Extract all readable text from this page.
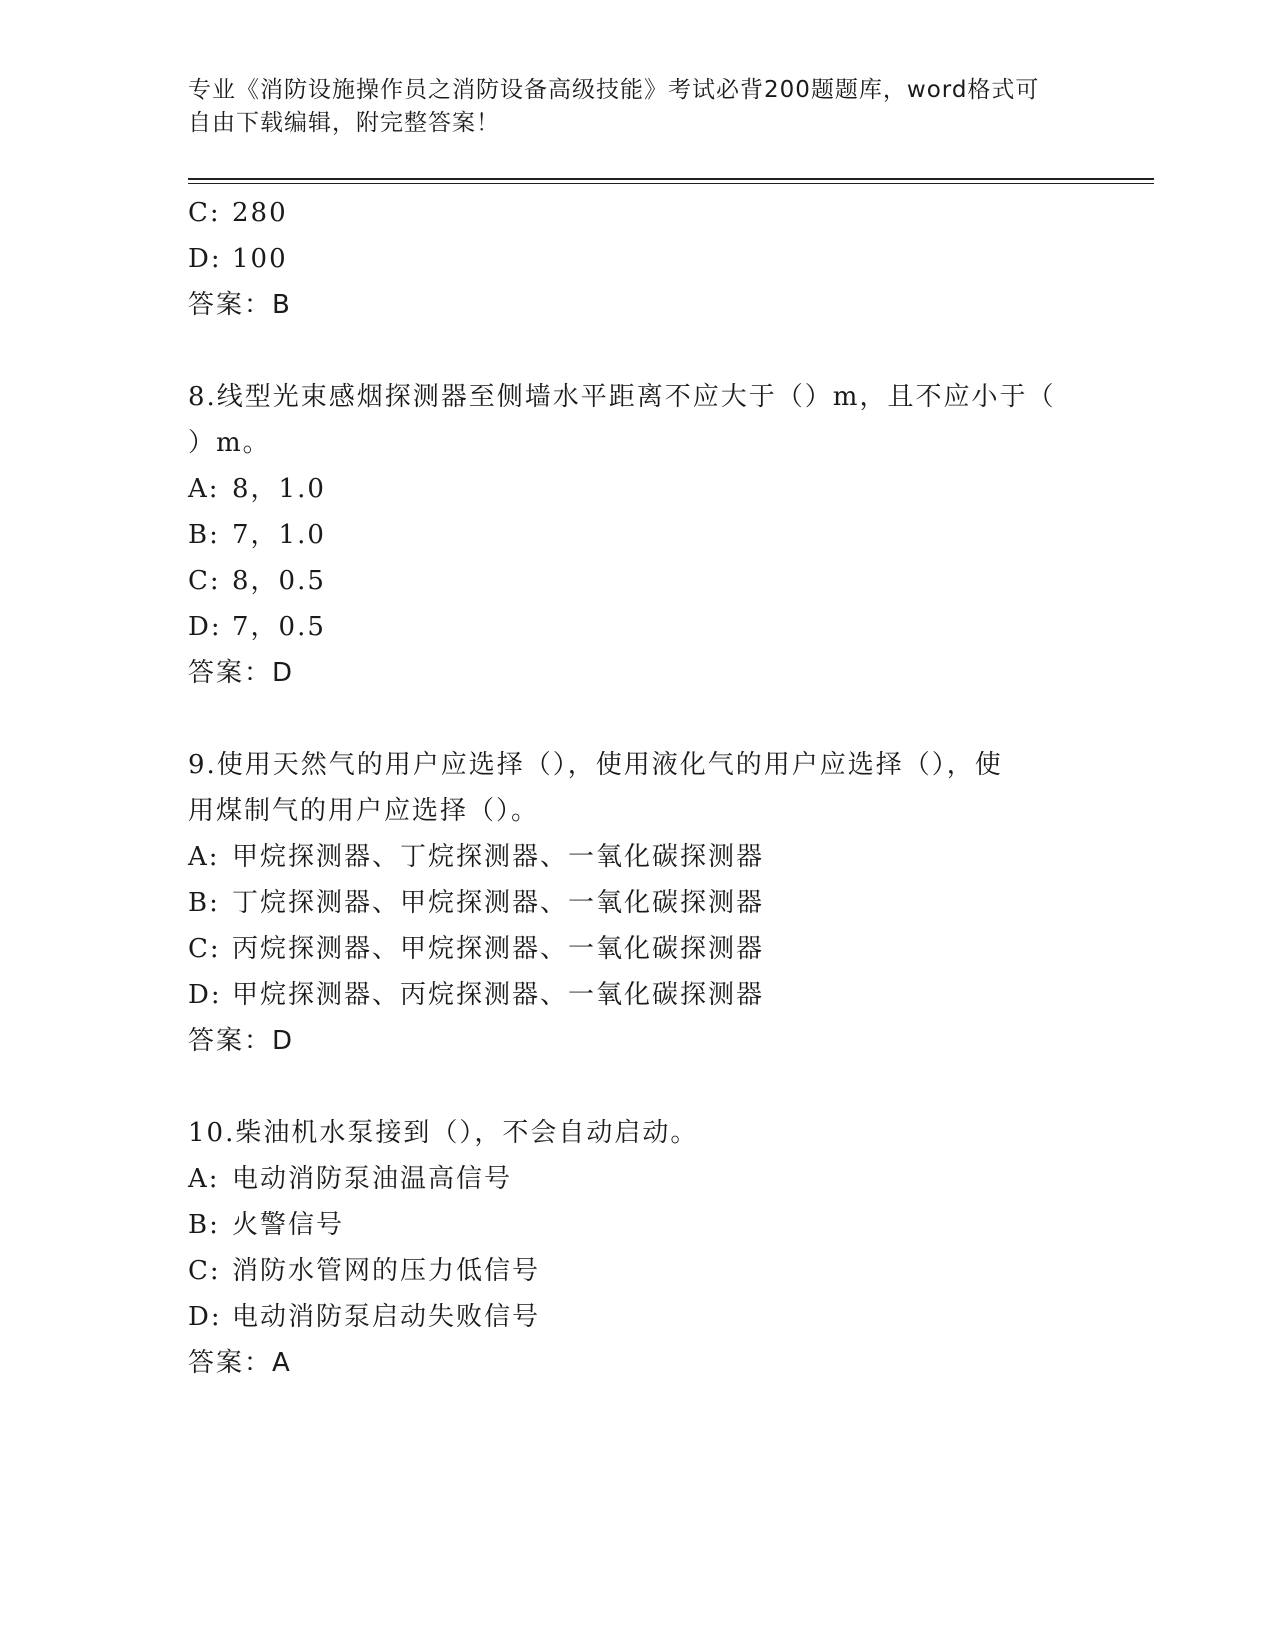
专业《消防设施操作员之消防设备高级技能》考试必背200题题库，word格式可
自由下载编辑，附完整答案！
C: 280
D: 100
答案：B
8.线型光束感烟探测器至侧墙水平距离不应大于（）m，且不应小于（
）m。
A: 8，1.0
B: 7，1.0
C: 8，0.5
D: 7，0.5
答案：D
9.使用天然气的用户应选择（），使用液化气的用户应选择（），使
用煤制气的用户应选择（）。
A: 甲烷探测器、丁烷探测器、一氧化碳探测器
B: 丁烷探测器、甲烷探测器、一氧化碳探测器
C: 丙烷探测器、甲烷探测器、一氧化碳探测器
D: 甲烷探测器、丙烷探测器、一氧化碳探测器
答案：D
10.柴油机水泵接到（），不会自动启动。
A: 电动消防泵油温高信号
B: 火警信号
C: 消防水管网的压力低信号
D: 电动消防泵启动失败信号
答案：A
